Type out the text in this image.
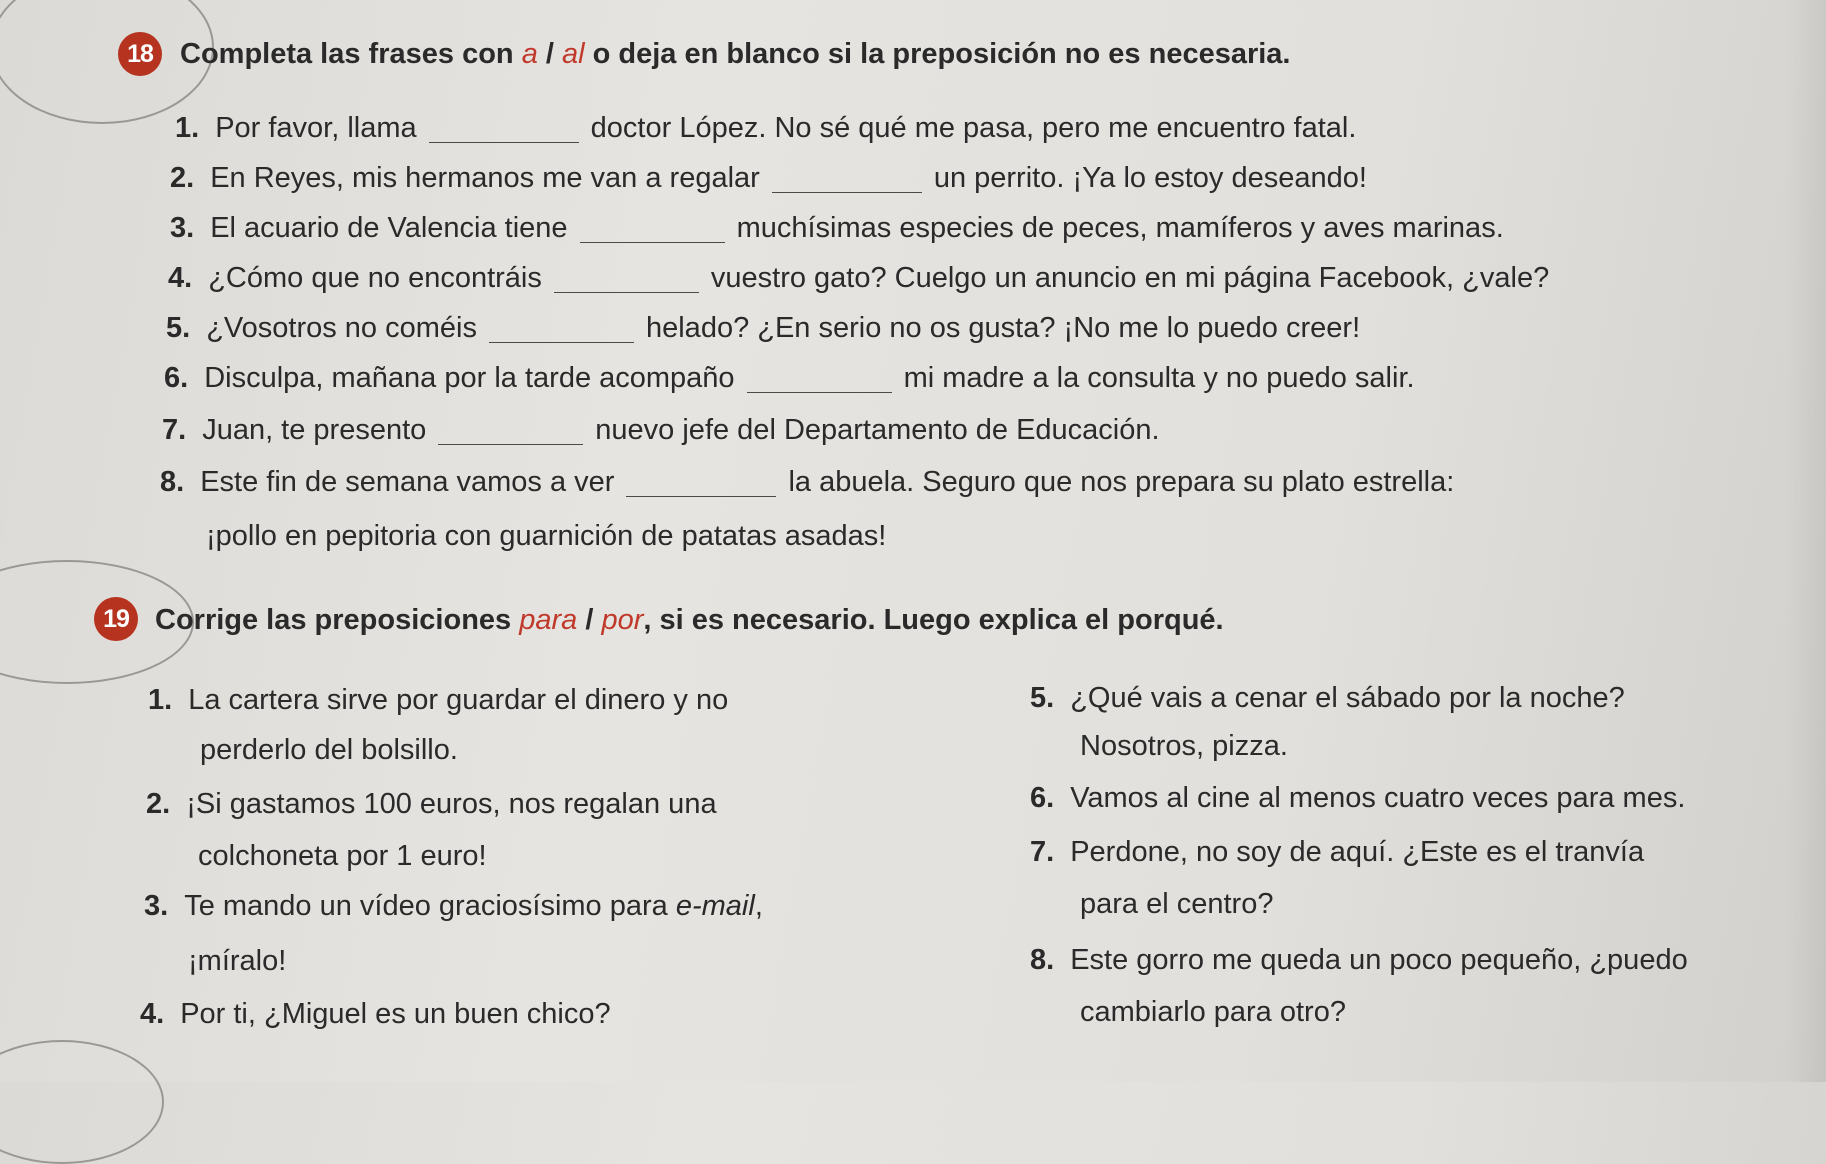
18 Completa las frases con a / al o deja en blanco si la preposición no es necesaria.
1. Por favor, llama	doctor López. No sé qué me pasa, pero me encuentro fatal.
2. En Reyes, mis hermanos me van a regalar	un perrito. ¡Ya lo estoy deseando!
3. El acuario de Valencia tiene	muchísimas especies de peces, mamíferos y aves marinas.
4. ¿Cómo que no encontráis	vuestro gato? Cuelgo un anuncio en mi página Facebook, ¿vale?
5. ¿Vosotros no coméis	helado? ¿En serio no os gusta? ¡No me lo puedo creer!
6. Disculpa, mañana por la tarde acompaño	mi madre a la consulta y no puedo salir.
7. Juan, te presento	nuevo jefe del Departamento de Educación.
8. Este fin de semana vamos a ver	la abuela. Seguro que nos prepara su plato estrella:
¡pollo en pepitoria con guarnición de patatas asadas!
19 Corrige las preposiciones para / por, si es necesario. Luego explica el porqué.
1. La cartera sirve por guardar el dinero y no
perderlo del bolsillo.
2. ¡Si gastamos 100 euros, nos regalan una
colchoneta por 1 euro!
3. Te mando un vídeo graciosísimo para e-mail,
¡míralo!
4. Por ti, ¿Miguel es un buen chico?
5. ¿Qué vais a cenar el sábado por la noche?
Nosotros, pizza.
6. Vamos al cine al menos cuatro veces para mes.
7. Perdone, no soy de aquí. ¿Este es el tranvía
para el centro?
8. Este gorro me queda un poco pequeño, ¿puedo
cambiarlo para otro?
